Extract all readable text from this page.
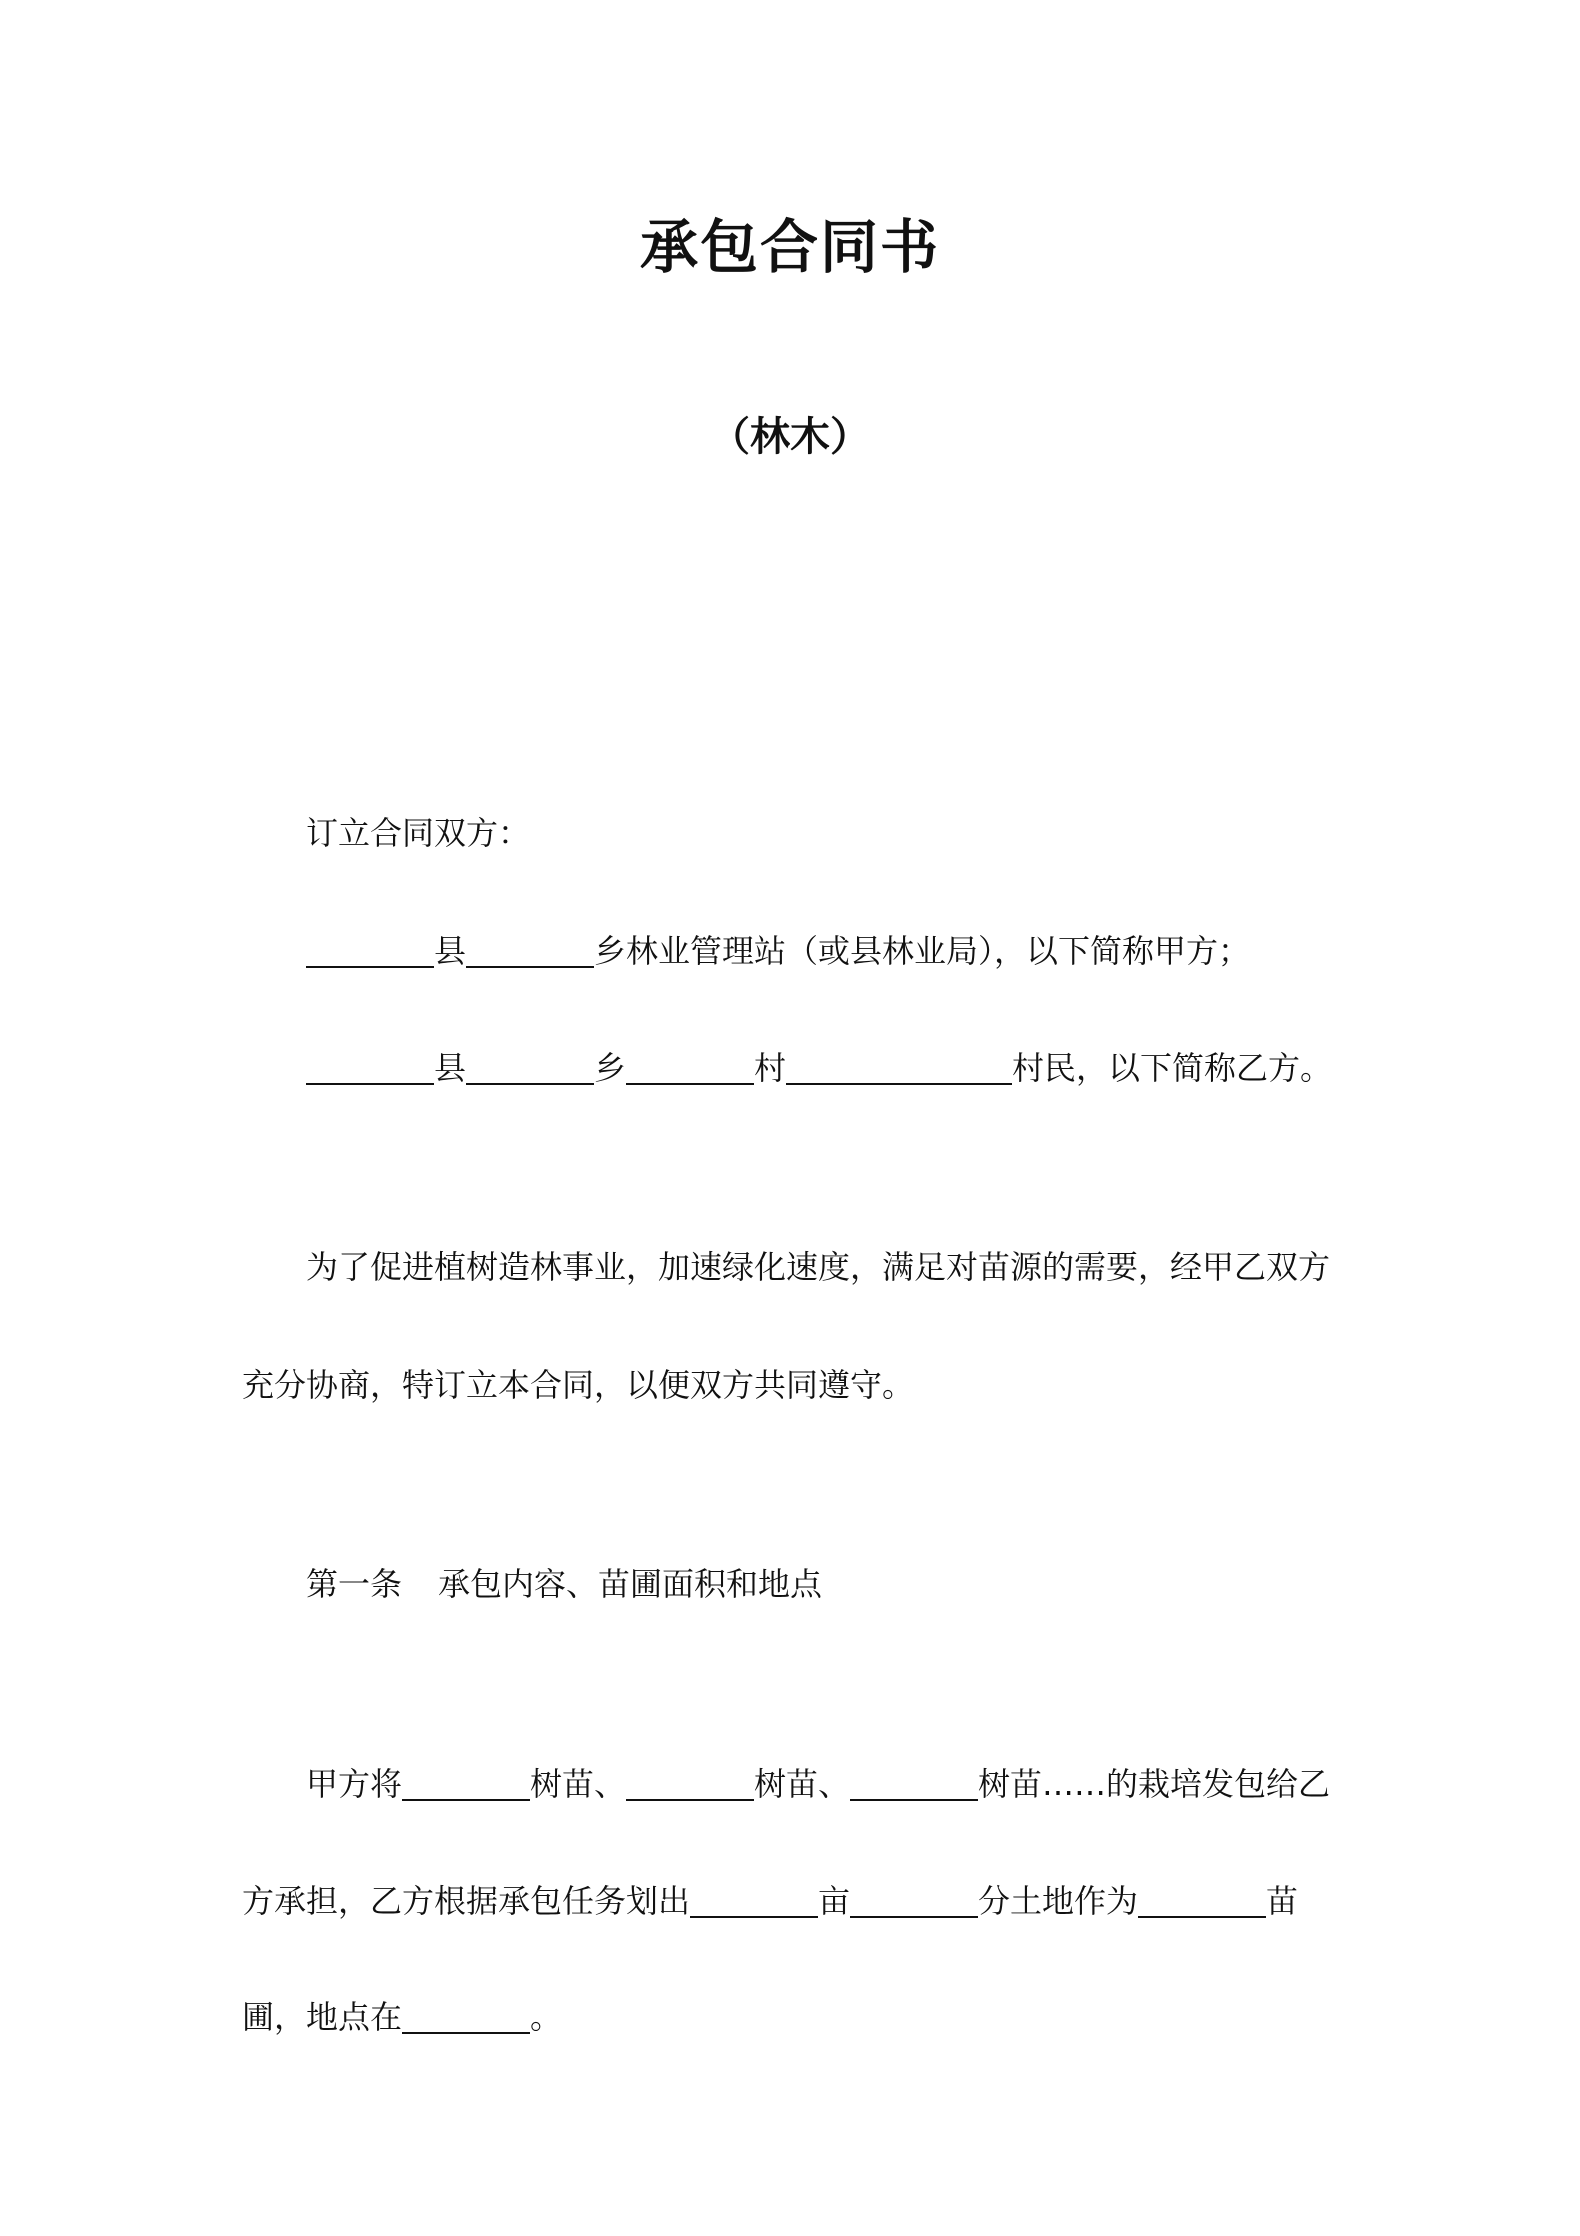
承包合同书
（林木）
订立合同双方：
县	乡林业管理站（或县林业局），以下简称甲方；
县	乡	村	村民，以下简称乙方。
为了促进植树造林事业，加速绿化速度，满足对苗源的需要，经甲乙双方
充分协商，特订立本合同，以便双方共同遵守。
第一条 承包内容、苗圃面积和地点
甲方将	树苗、	树苗、	树苗……的栽培发包给乙
方承担，乙方根据承包任务划出	亩	分土地作为	苗
圃，地点在	。
